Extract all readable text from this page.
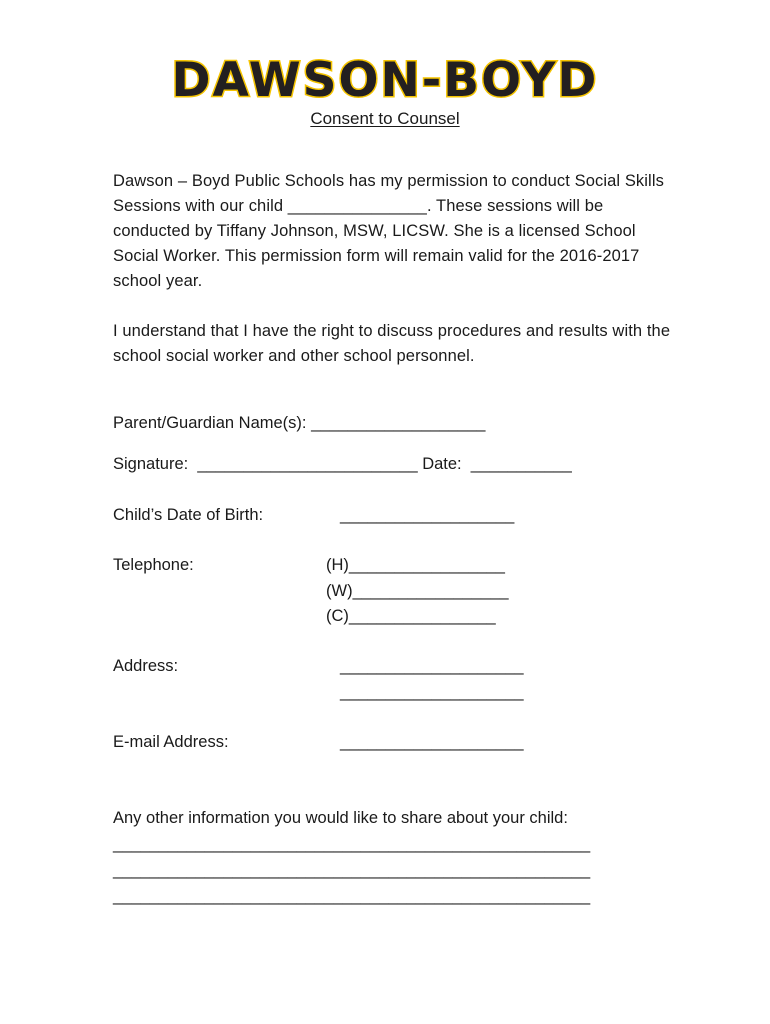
DAWSON-BOYD
Consent to Counsel
Dawson – Boyd Public Schools has my permission to conduct Social Skills Sessions with our child _______________. These sessions will be conducted by Tiffany Johnson, MSW, LICSW. She is a licensed School Social Worker. This permission form will remain valid for the 2016-2017 school year.
I understand that I have the right to discuss procedures and results with the school social worker and other school personnel.
Parent/Guardian Name(s): ___________________
Signature:  ________________________ Date:  ___________
Child’s Date of Birth:	___________________
Telephone:	(H)_________________
(W)_________________
(C)________________
Address:	____________________
____________________
E-mail Address:	____________________
Any other information you would like to share about your child:
____________________________________________________
____________________________________________________
____________________________________________________
